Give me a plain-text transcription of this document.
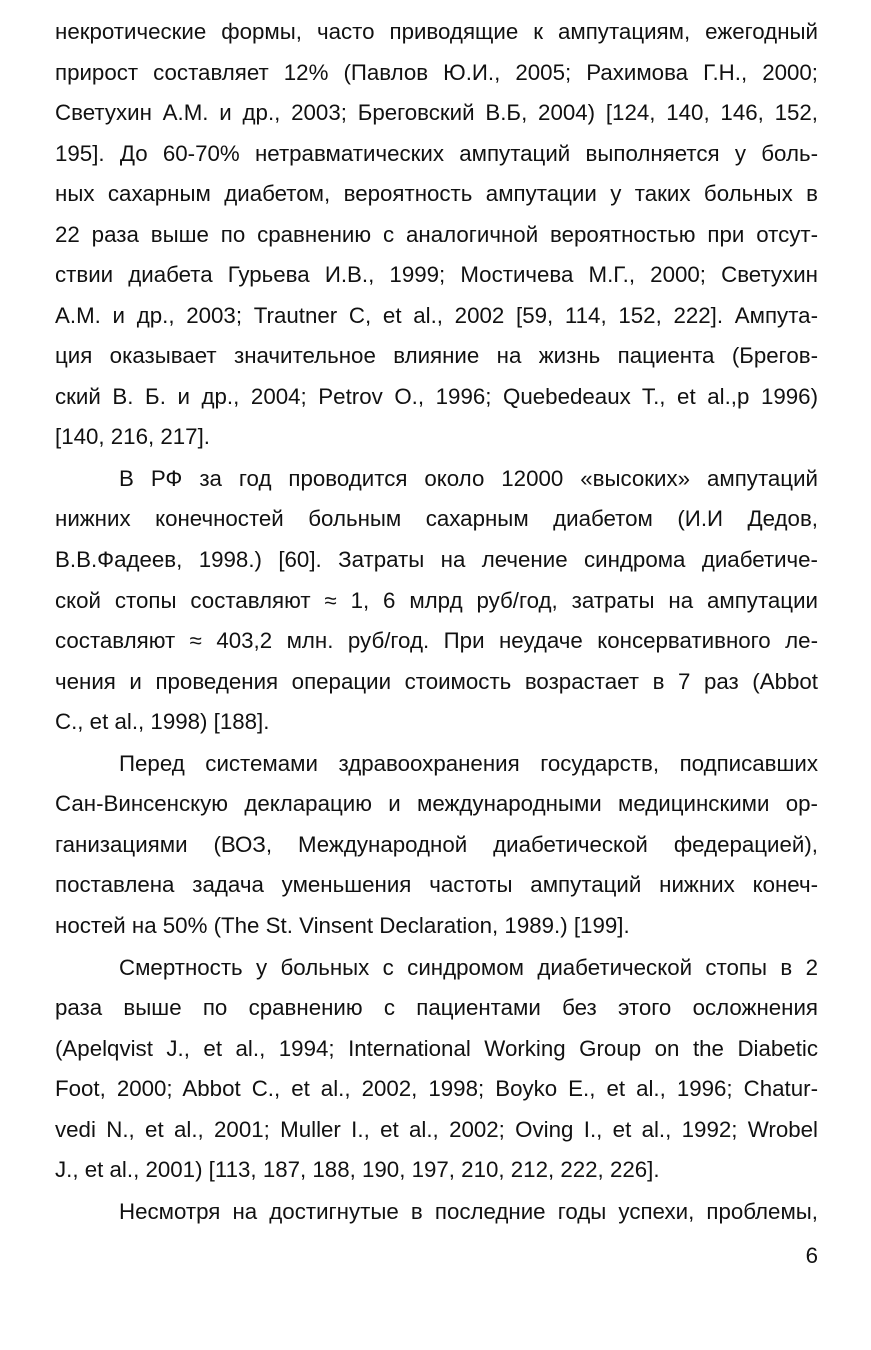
некротические формы, часто приводящие к ампутациям, ежегодный
прирост составляет 12% (Павлов Ю.И., 2005; Рахимова Г.Н., 2000;
Светухин А.М. и др., 2003; Бреговский В.Б, 2004) [124, 140, 146, 152,
195]. До 60-70% нетравматических ампутаций выполняется у боль-
ных сахарным диабетом, вероятность ампутации у таких больных в
22 раза выше по сравнению с аналогичной вероятностью при отсут-
ствии диабета Гурьева И.В., 1999; Мостичева М.Г., 2000; Светухин
А.М. и др., 2003; Trautner C, et al., 2002 [59, 114, 152, 222]. Ампута-
ция оказывает значительное влияние на жизнь пациента (Брегов-
ский В. Б. и др., 2004; Petrov O., 1996; Quebedeaux T., et al.,p 1996)
[140, 216, 217].
В РФ за год проводится около 12000 «высоких» ампутаций
нижних конечностей больным сахарным диабетом (И.И Дедов,
В.В.Фадеев, 1998.) [60]. Затраты на лечение синдрома диабетиче-
ской стопы составляют ≈ 1, 6 млрд руб/год, затраты на ампутации
составляют ≈ 403,2 млн. руб/год. При неудаче консервативного ле-
чения и проведения операции стоимость возрастает в 7 раз (Abbot
C., et al., 1998) [188].
Перед системами здравоохранения государств, подписавших
Сан-Винсенскую декларацию и международными медицинскими ор-
ганизациями (ВОЗ, Международной диабетической федерацией),
поставлена задача уменьшения частоты ампутаций нижних конеч-
ностей на 50% (The St. Vinsent Declaration, 1989.) [199].
Смертность у больных с синдромом диабетической стопы в 2
раза выше по сравнению с пациентами без этого осложнения
(Apelqvist J., et al., 1994; International Working Group on the Diabetic
Foot, 2000; Abbot C., et al., 2002, 1998; Boyko E., et al., 1996; Chatur-
vedi N., et al., 2001; Muller I., et al., 2002; Oving I., et al., 1992; Wrobel
J., et al., 2001) [113, 187, 188, 190, 197, 210, 212, 222, 226].
Несмотря на достигнутые в последние годы успехи, проблемы,
6
